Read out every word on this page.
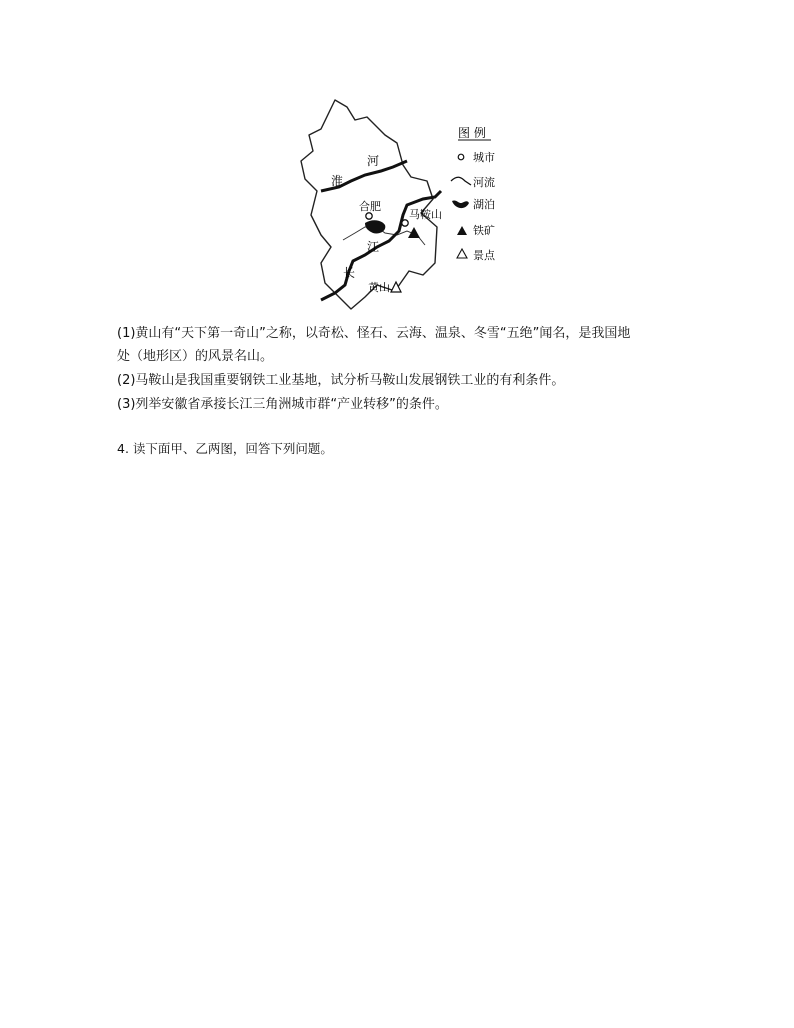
合肥
马鞍山
黄山
淮
河
江
长
图 例
城市
河流
湖泊
铁矿
景点
(1)黄山有“天下第一奇山”之称，以奇松、怪石、云海、温泉、冬雪“五绝”闻名，是我国地
处（地形区）的风景名山。
(2)马鞍山是我国重要钢铁工业基地，试分析马鞍山发展钢铁工业的有利条件。
(3)列举安徽省承接长江三角洲城市群“产业转移”的条件。
4. 读下面甲、乙两图，回答下列问题。
